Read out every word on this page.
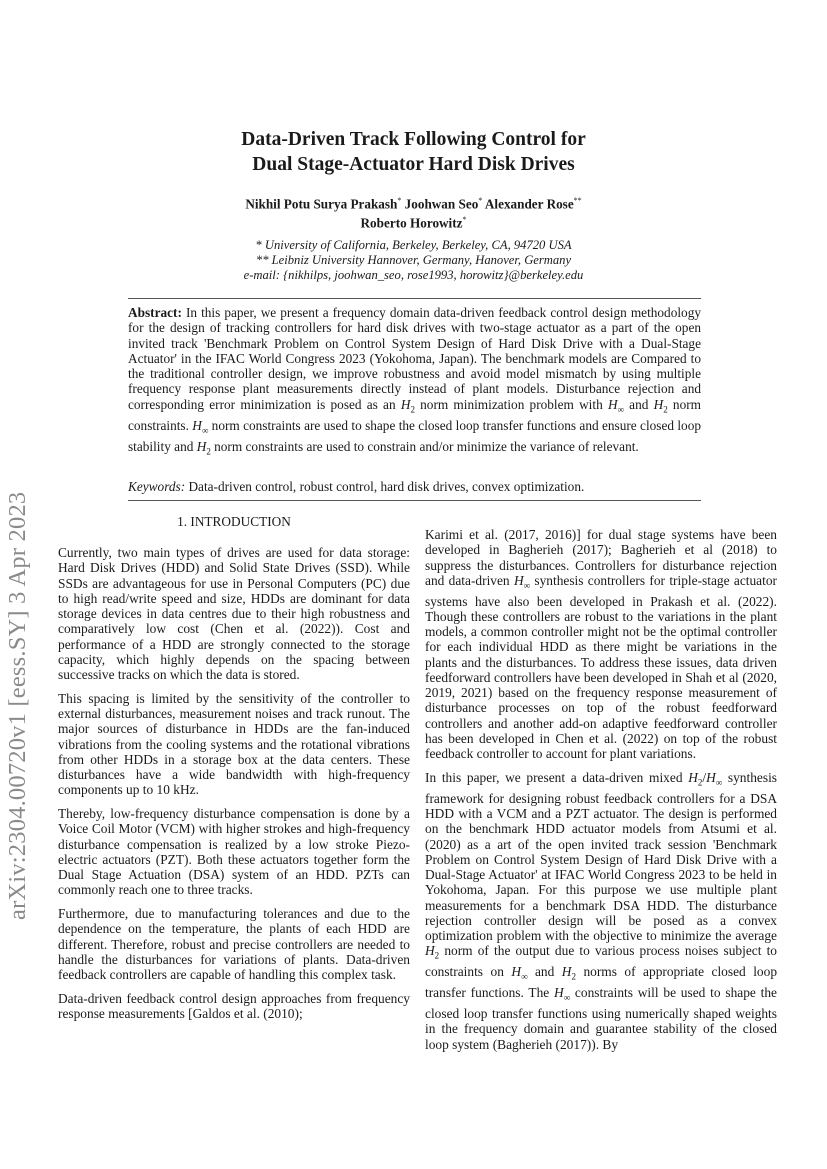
arXiv:2304.00720v1 [eess.SY] 3 Apr 2023
Data-Driven Track Following Control for
Dual Stage-Actuator Hard Disk Drives
Nikhil Potu Surya Prakash* Joohwan Seo* Alexander Rose**
Roberto Horowitz*
* University of California, Berkeley, Berkeley, CA, 94720 USA
** Leibniz University Hannover, Germany, Hanover, Germany
e-mail: {nikhilps, joohwan_seo, rose1993, horowitz}@berkeley.edu
Abstract: In this paper, we present a frequency domain data-driven feedback control design methodology for the design of tracking controllers for hard disk drives with two-stage actuator as a part of the open invited track 'Benchmark Problem on Control System Design of Hard Disk Drive with a Dual-Stage Actuator' in the IFAC World Congress 2023 (Yokohoma, Japan). The benchmark models are Compared to the traditional controller design, we improve robustness and avoid model mismatch by using multiple frequency response plant measurements directly instead of plant models. Disturbance rejection and corresponding error minimization is posed as an $H_2$ norm minimization problem with $H_\infty$ and $H_2$ norm constraints. $H_\infty$ norm constraints are used to shape the closed loop transfer functions and ensure closed loop stability and $H_2$ norm constraints are used to constrain and/or minimize the variance of relevant.
Keywords: Data-driven control, robust control, hard disk drives, convex optimization.
1. INTRODUCTION

Currently, two main types of drives are used for data storage: Hard Disk Drives (HDD) and Solid State Drives (SSD). While SSDs are advantageous for use in Personal Computers (PC) due to high read/write speed and size, HDDs are dominant for data storage devices in data centres due to their high robustness and comparatively low cost (Chen et al. (2022)). Cost and performance of a HDD are strongly connected to the storage capacity, which highly depends on the spacing between successive tracks on which the data is stored.

This spacing is limited by the sensitivity of the controller to external disturbances, measurement noises and track runout. The major sources of disturbance in HDDs are the fan-induced vibrations from the cooling systems and the rotational vibrations from other HDDs in a storage box at the data centers. These disturbances have a wide bandwidth with high-frequency components up to 10 kHz.

Thereby, low-frequency disturbance compensation is done by a Voice Coil Motor (VCM) with higher strokes and high-frequency disturbance compensation is realized by a low stroke Piezo-electric actuators (PZT). Both these actuators together form the Dual Stage Actuation (DSA) system of an HDD. PZTs can commonly reach one to three tracks.

Furthermore, due to manufacturing tolerances and due to the dependence on the temperature, the plants of each HDD are different. Therefore, robust and precise controllers are needed to handle the disturbances for variations of plants. Data-driven feedback controllers are capable of handling this complex task.

Data-driven feedback control design approaches from frequency response measurements [Galdos et al. (2010);

Karimi et al. (2017, 2016)] for dual stage systems have been developed in Bagherieh (2017); Bagherieh et al (2018) to suppress the disturbances. Controllers for disturbance rejection and data-driven $H_\infty$ synthesis controllers for triple-stage actuator systems have also been developed in Prakash et al. (2022). Though these controllers are robust to the variations in the plant models, a common controller might not be the optimal controller for each individual HDD as there might be variations in the plants and the disturbances. To address these issues, data driven feedforward controllers have been developed in Shah et al (2020, 2019, 2021) based on the frequency response measurement of disturbance processes on top of the robust feedforward controllers and another add-on adaptive feedforward controller has been developed in Chen et al. (2022) on top of the robust feedback controller to account for plant variations.

In this paper, we present a data-driven mixed $H_2/H_\infty$ synthesis framework for designing robust feedback controllers for a DSA HDD with a VCM and a PZT actuator. The design is performed on the benchmark HDD actuator models from Atsumi et al. (2020) as a art of the open invited track session 'Benchmark Problem on Control System Design of Hard Disk Drive with a Dual-Stage Actuator' at IFAC World Congress 2023 to be held in Yokohoma, Japan. For this purpose we use multiple plant measurements for a benchmark DSA HDD. The disturbance rejection controller design will be posed as a convex optimization problem with the objective to minimize the average $H_2$ norm of the output due to various process noises subject to constraints on $H_\infty$ and $H_2$ norms of appropriate closed loop transfer functions. The $H_\infty$ constraints will be used to shape the closed loop transfer functions using numerically shaped weights in the frequency domain and guarantee stability of the closed loop system (Bagherieh (2017)). By
